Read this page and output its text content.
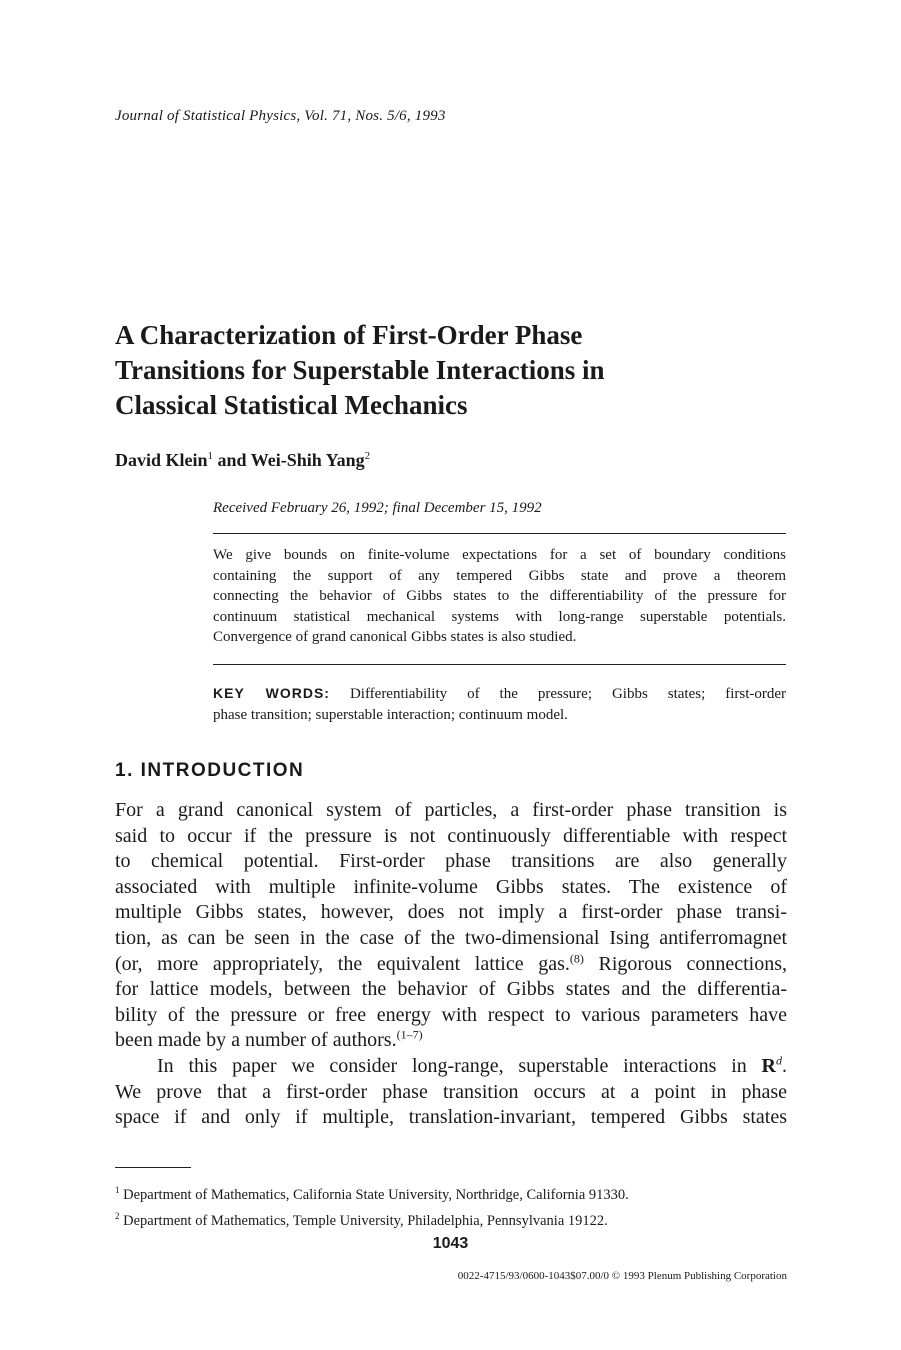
Journal of Statistical Physics, Vol. 71, Nos. 5/6, 1993
A Characterization of First-Order Phase
Transitions for Superstable Interactions in
Classical Statistical Mechanics
David Klein$^1$ and Wei-Shih Yang$^2$
Received February 26, 1992; final December 15, 1992
We give bounds on finite-volume expectations for a set of boundary conditions
containing the support of any tempered Gibbs state and prove a theorem
connecting the behavior of Gibbs states to the differentiability of the pressure for
continuum statistical mechanical systems with long-range superstable potentials.
Convergence of grand canonical Gibbs states is also studied.
KEY WORDS: Differentiability of the pressure; Gibbs states; first-order
phase transition; superstable interaction; continuum model.
1. INTRODUCTION
For a grand canonical system of particles, a first-order phase transition is
said to occur if the pressure is not continuously differentiable with respect
to chemical potential. First-order phase transitions are also generally
associated with multiple infinite-volume Gibbs states. The existence of
multiple Gibbs states, however, does not imply a first-order phase transi-
tion, as can be seen in the case of the two-dimensional Ising antiferromagnet
(or, more appropriately, the equivalent lattice gas.$^{(8)}$ Rigorous connections,
for lattice models, between the behavior of Gibbs states and the differentia-
bility of the pressure or free energy with respect to various parameters have
been made by a number of authors.$^{(1-7)}$
In this paper we consider long-range, superstable interactions in $R^d$.
We prove that a first-order phase transition occurs at a point in phase
space if and only if multiple, translation-invariant, tempered Gibbs states
$^1$ Department of Mathematics, California State University, Northridge, California 91330.
$^2$ Department of Mathematics, Temple University, Philadelphia, Pennsylvania 19122.
1043
0022-4715/93/0600-1043$07.00/0 © 1993 Plenum Publishing Corporation
